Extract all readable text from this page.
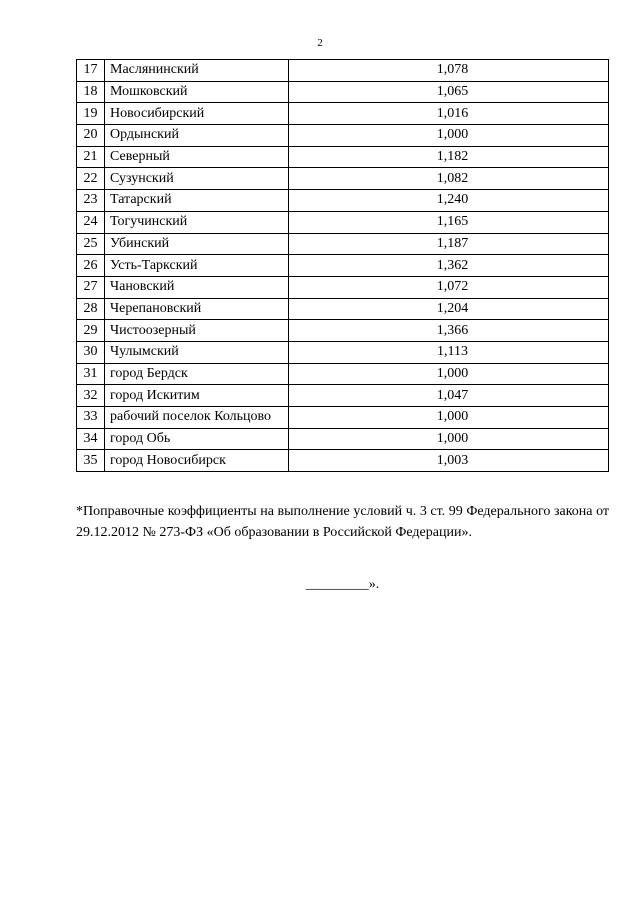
2
17	Маслянинский	1,078
18	Мошковский	1,065
19	Новосибирский	1,016
20	Ордынский	1,000
21	Северный	1,182
22	Сузунский	1,082
23	Татарский	1,240
24	Тогучинский	1,165
25	Убинский	1,187
26	Усть-Таркский	1,362
27	Чановский	1,072
28	Черепановский	1,204
29	Чистоозерный	1,366
30	Чулымский	1,113
31	город Бердск	1,000
32	город Искитим	1,047
33	рабочий поселок Кольцово	1,000
34	город Обь	1,000
35	город Новосибирск	1,003

*Поправочные коэффициенты на выполнение условий ч. 3 ст. 99 Федерального закона от 29.12.2012 № 273-ФЗ «Об образовании в Российской Федерации».

_________».
